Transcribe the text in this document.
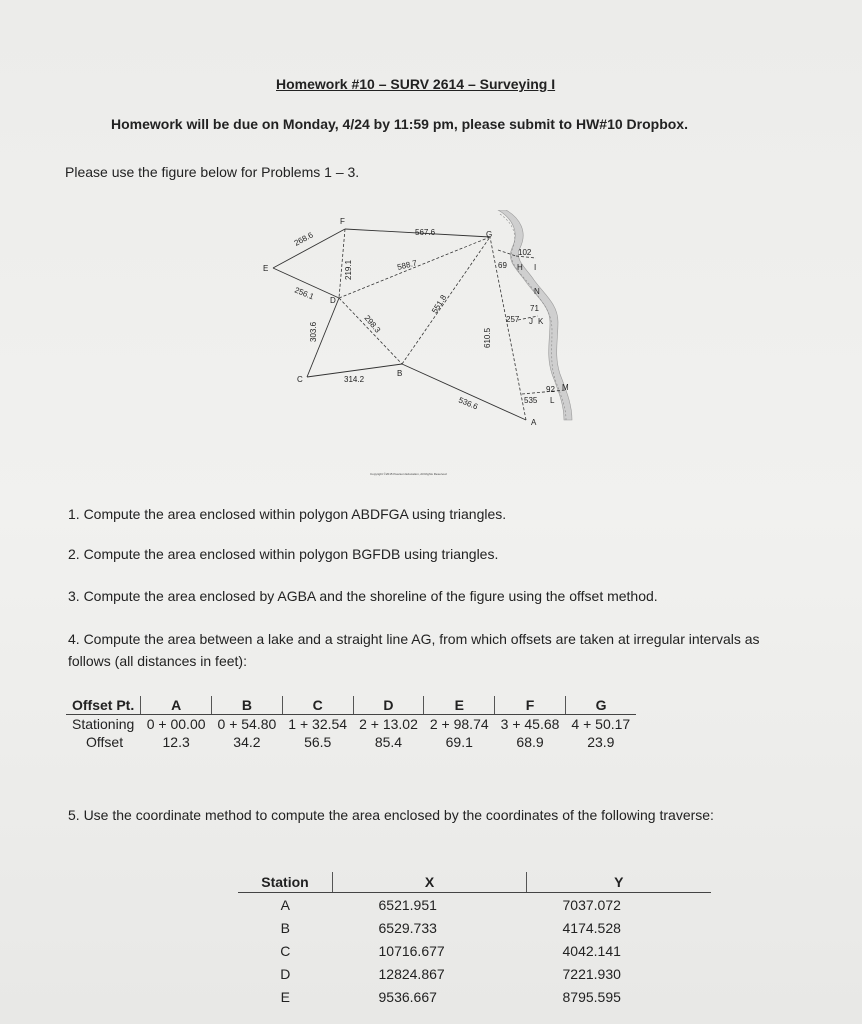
Homework #10 – SURV 2614 – Surveying I
Homework will be due on Monday, 4/24 by 11:59 pm, please submit to HW#10 Dropbox.
Please use the figure below for Problems 1 – 3.
268.6	567.6
256.1
219.1	588.7
303.6	298.3
551.8
314.2
536.6
69
102
610.5
71
257
92
535
E
F
G
D
C
B
H I
N
J K
M
L
A
Copyright ©2015 Pearson Education, All Rights Reserved
1. Compute the area enclosed within polygon ABDFGA using triangles.
2. Compute the area enclosed within polygon BGFDB using triangles.
3. Compute the area enclosed by AGBA and the shoreline of the figure using the offset method.
4. Compute the area between a lake and a straight line AG, from which offsets are taken at irregular intervals as follows (all distances in feet):
Offset Pt.	A	B	C	D	E	F	G
Stationing	0 + 00.00	0 + 54.80	1 + 32.54	2 + 13.02	2 + 98.74	3 + 45.68	4 + 50.17
Offset	12.3	34.2	56.5	85.4	69.1	68.9	23.9
5. Use the coordinate method to compute the area enclosed by the coordinates of the following traverse:
Station	X	Y
A	6521.951	7037.072
B	6529.733	4174.528
C	10716.677	4042.141
D	12824.867	7221.930
E	9536.667	8795.595
